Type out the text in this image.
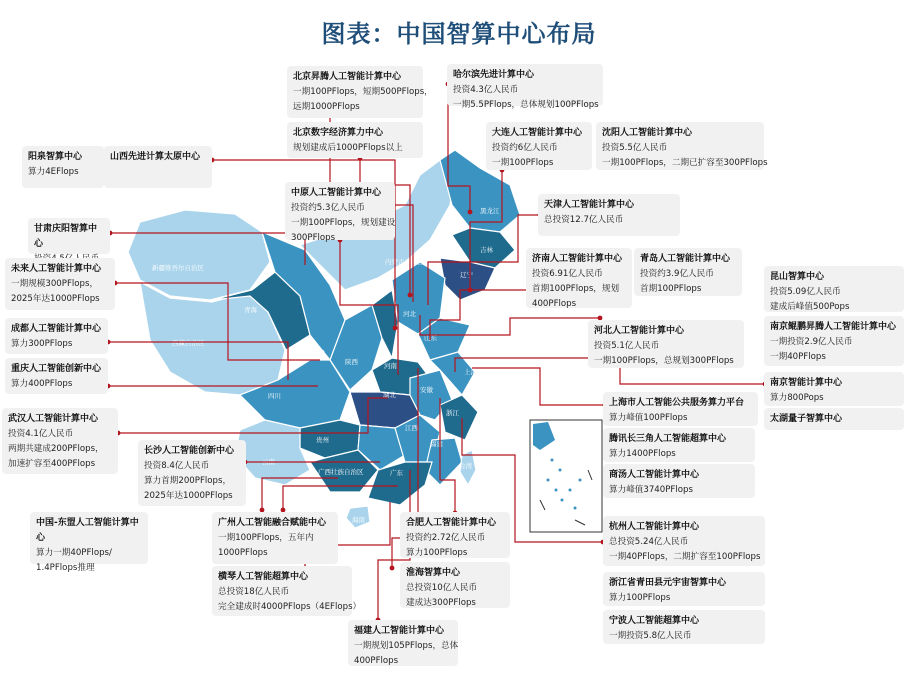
图表：中国智算中心布局
新疆维吾尔自治区
西藏自治区
青海
甘肃
内蒙古自治区
黑龙江
吉林
辽宁
河北
陕西
山东
河南
四川	湖北
安徽
浙江
贵州
江西
福建
云南
广西壮族自治区	广东
海南
台湾
上海
阳泉智算中心
算力4EFlops
山西先进计算太原中心
甘肃庆阳智算中心
未来人工智能计算中心
一期规模300PFlops，
2025年达1000PFlops
成都人工智能计算中心
算力300PFlops
重庆人工智能创新中心
算力400PFlops
武汉人工智能计算中心
投资4.1亿人民币
两期共建成200PFlops，
加速扩容至400PFlops
长沙人工智能创新中心
投资8.4亿人民币
算力首期200PFlops，
2025年达1000PFlops
中国-东盟人工智能计算中心
算力一期40PFlops/
1.4PFlops推理
广州人工智能融合赋能中心
一期100PFlops，五年内
1000PFlops
横琴人工智能超算中心
总投资18亿人民币
完全建成时4000PFlops（4EFlops）
北京昇腾人工智能计算中心
一期100PFlops，短期500PFlops，
远期1000PFlops
北京数字经济算力中心
规划建成后1000PFlops以上
中原人工智能计算中心
投资约5.3亿人民币
一期100PFlops，规划建设
300PFlops
哈尔滨先进计算中心
投资4.3亿人民币
一期5.5PFlops，总体规划100PFlops
大连人工智能计算中心
投资约6亿人民币
一期100PFlops
沈阳人工智能计算中心
投资5.5亿人民币
一期100PFlops，二期已扩容至300PFlops
天津人工智能计算中心
总投资12.7亿人民币
济南人工智能计算中心
投资6.91亿人民币
首期100PFlops，规划
400PFlops
青岛人工智能计算中心
投资约3.9亿人民币
首期100PFlops
河北人工智能计算中心
投资5.1亿人民币
一期100PFlops，总规划300PFlops
上海市人工智能公共服务算力平台
算力峰值100PFlops
腾讯长三角人工智能超算中心
算力1400PFlops
商汤人工智能计算中心
算力峰值3740PFlops
昆山智算中心
投资5.09亿人民币
建成后峰值500Pops
南京鲲鹏昇腾人工智能计算中心
一期投资2.9亿人民币
一期40PFlops
南京智能计算中心
算力800Pops
太湖量子智算中心
合肥人工智能计算中心
投资约2.72亿人民币
算力100PFlops
淮海智算中心
总投资10亿人民币
建成达300PFlops
福建人工智能计算中心
一期规划105PFlops，总体
400PFlops
杭州人工智能计算中心
总投资5.24亿人民币
一期40PFlops，二期扩容至100PFlops
浙江省青田县元宇宙智算中心
算力100PFlops
宁波人工智能超算中心
一期投资5.8亿人民币
